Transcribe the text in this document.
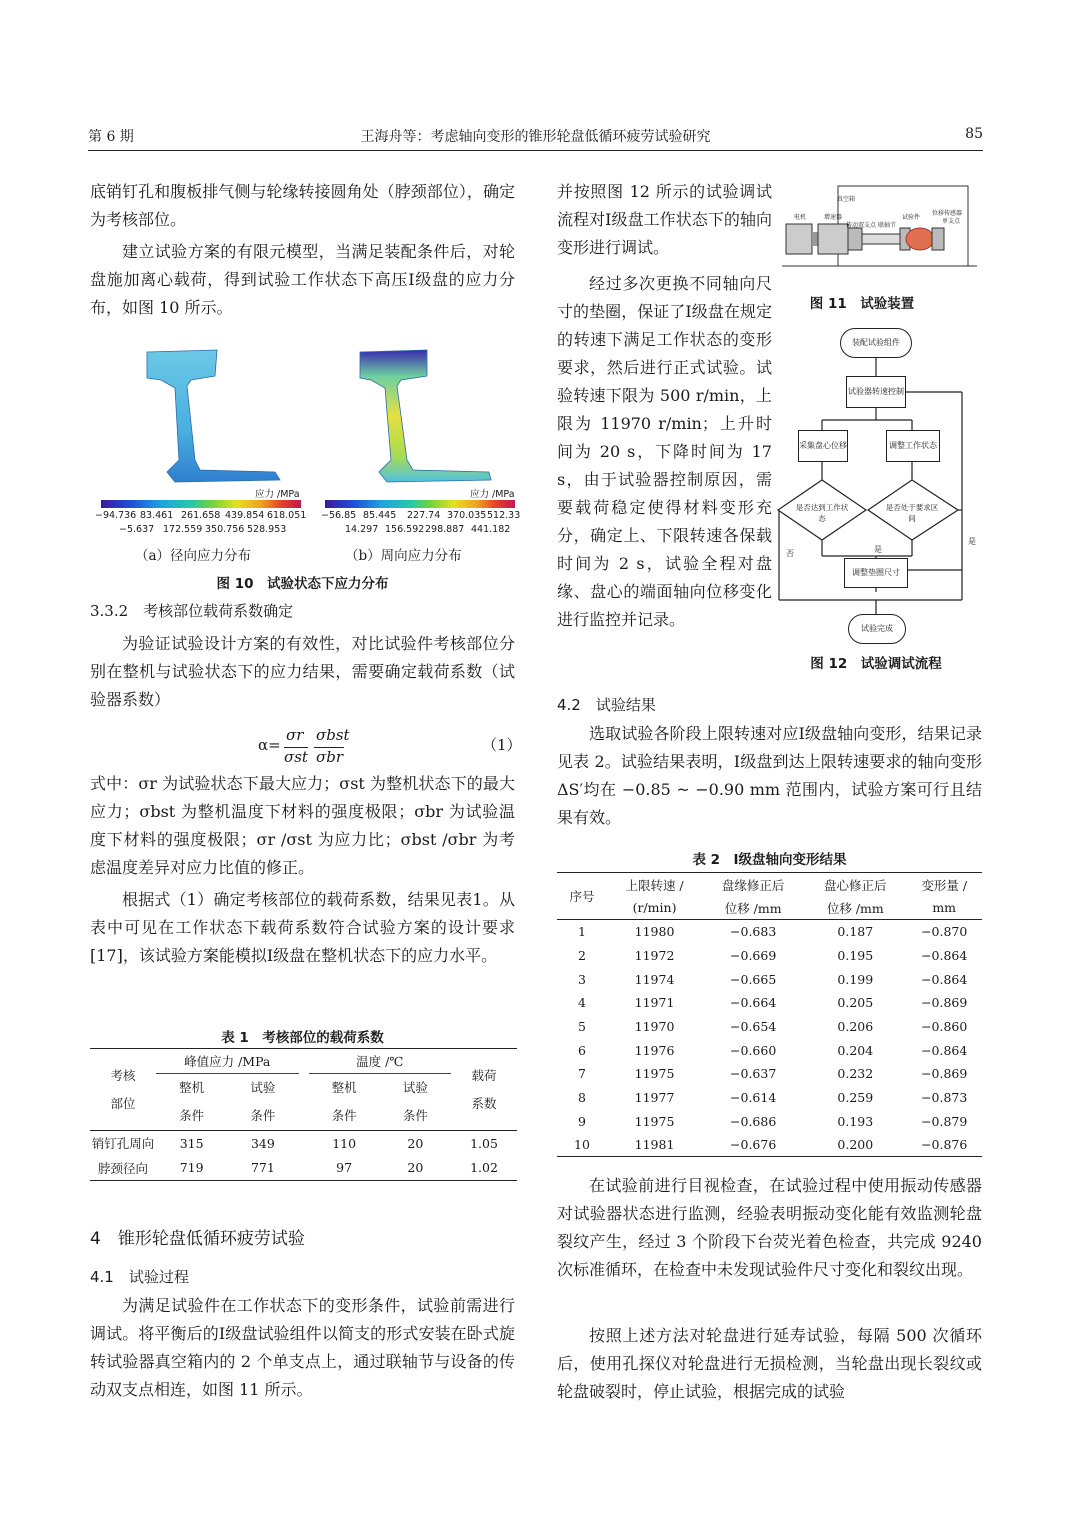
第 6 期	王海舟等：考虑轴向变形的锥形轮盘低循环疲劳试验研究	85
底销钉孔和腹板排气侧与轮缘转接圆角处（脖颈部位），确定为考核部位。
建立试验方案的有限元模型，当满足装配条件后，对轮盘施加离心载荷，得到试验工作状态下高压Ⅰ级盘的应力分布，如图 10 所示。
应力 /MPa	应力 /MPa
−94.736 83.461 261.658 439.854 618.051
−5.637 172.559 350.756 528.953
−56.85 85.445 227.74 370.035 512.33
14.297 156.592 298.887 441.182
（a）径向应力分布	（b）周向应力分布
图 10　试验状态下应力分布
3.3.2　考核部位载荷系数确定
为验证试验设计方案的有效性，对比试验件考核部位分别在整机与试验状态下的应力结果，需要确定载荷系数（试验器系数）
α=
σr
σst
σbst
σbr
（1）
式中：σr 为试验状态下最大应力；σst 为整机状态下的最大应力；σbst 为整机温度下材料的强度极限；σbr 为试验温度下材料的强度极限；σr /σst 为应力比；σbst /σbr 为考虑温度差异对应力比值的修正。
根据式（1）确定考核部位的载荷系数，结果见表1。从表中可见在工作状态下载荷系数符合试验方案的设计要求[17]，该试验方案能模拟Ⅰ级盘在整机状态下的应力水平。
表 1　考核部位的载荷系数
考核部位	峰值应力 /MPa			温度 /℃		载荷系数
	整机条件	试验条件		整机条件	试验条件	

销钉孔周向	315	349		110	20	1.05
脖颈径向	719	771		97	20	1.02
4　锥形轮盘低循环疲劳试验
4.1　试验过程
为满足试验件在工作状态下的变形条件，试验前需进行调试。将平衡后的Ⅰ级盘试验组件以简支的形式安装在卧式旋转试验器真空箱内的 2 个单支点上，通过联轴节与设备的传动双支点相连，如图 11 所示。
并按照图 12 所示的试验调试流程对Ⅰ级盘工作状态下的轴向变形进行调试。
经过多次更换不同轴向尺寸的垫圈，保证了Ⅰ级盘在规定的转速下满足工作状态的变形要求，然后进行正式试验。试验转速下限为 500 r/min，上限为 11970 r/min；上升时间为 20 s，下降时间为 17 s，由于试验器控制原因，需要载荷稳定使得材料变形充分，确定上、下限转速各保载时间为 2 s，试验全程对盘缘、盘心的端面轴向位移变化进行监控并记录。
真空箱
电机	增速器
传动双支点
试验件
位移传感器
联轴节
单支点
图 11　试验装置
装配试验组件
试验器转速控制
采集盘心位移	调整工作状态
是否达到工作状态
是否处于要求区间
调整垫圈尺寸
试验完成
否	是
是
图 12　试验调试流程
4.2　试验结果
选取试验各阶段上限转速对应Ⅰ级盘轴向变形，结果记录见表 2。试验结果表明，Ⅰ级盘到达上限转速要求的轴向变形 ΔS′均在 −0.85 ~ −0.90 mm 范围内，试验方案可行且结果有效。
表 2　Ⅰ级盘轴向变形结果
序号	上限转速 /	盘缘修正后	盘心修正后	变形量 /
	(r/min)	位移 /mm	位移 /mm	mm
1	11980	−0.683	0.187	−0.870
2	11972	−0.669	0.195	−0.864
3	11974	−0.665	0.199	−0.864
4	11971	−0.664	0.205	−0.869
5	11970	−0.654	0.206	−0.860
6	11976	−0.660	0.204	−0.864
7	11975	−0.637	0.232	−0.869
8	11977	−0.614	0.259	−0.873
9	11975	−0.686	0.193	−0.879
10	11981	−0.676	0.200	−0.876
在试验前进行目视检查，在试验过程中使用振动传感器对试验器状态进行监测，经验表明振动变化能有效监测轮盘裂纹产生，经过 3 个阶段下台荧光着色检查，共完成 9240 次标准循环，在检查中未发现试验件尺寸变化和裂纹出现。
按照上述方法对轮盘进行延寿试验，每隔 500 次循环后，使用孔探仪对轮盘进行无损检测，当轮盘出现长裂纹或轮盘破裂时，停止试验，根据完成的试验
